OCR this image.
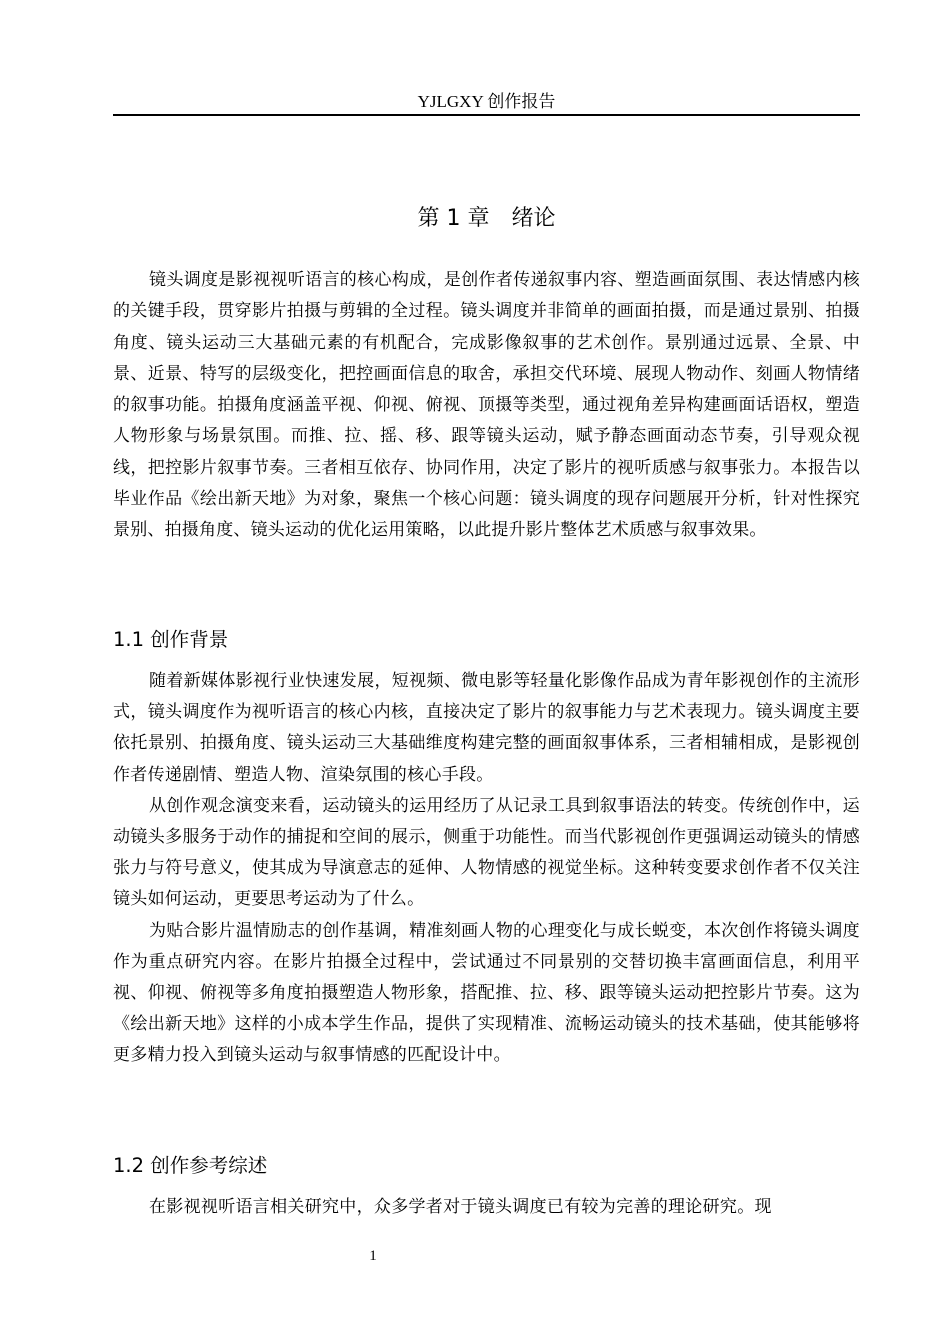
YJLGXY 创作报告
第 1 章 绪论

镜头调度是影视视听语言的核心构成，是创作者传递叙事内容、塑造画面氛围、表达情感内核的关键手段，贯穿影片拍摄与剪辑的全过程。镜头调度并非简单的画面拍摄，而是通过景别、拍摄角度、镜头运动三大基础元素的有机配合，完成影像叙事的艺术创作。景别通过远景、全景、中景、近景、特写的层级变化，把控画面信息的取舍，承担交代环境、展现人物动作、刻画人物情绪的叙事功能。拍摄角度涵盖平视、仰视、俯视、顶摄等类型，通过视角差异构建画面话语权，塑造人物形象与场景氛围。而推、拉、摇、移、跟等镜头运动，赋予静态画面动态节奏，引导观众视线，把控影片叙事节奏。三者相互依存、协同作用，决定了影片的视听质感与叙事张力。本报告以毕业作品《绘出新天地》为对象，聚焦一个核心问题：镜头调度的现存问题展开分析，针对性探究景别、拍摄角度、镜头运动的优化运用策略，以此提升影片整体艺术质感与叙事效果。

1.1 创作背景

随着新媒体影视行业快速发展，短视频、微电影等轻量化影像作品成为青年影视创作的主流形式，镜头调度作为视听语言的核心内核，直接决定了影片的叙事能力与艺术表现力。镜头调度主要依托景别、拍摄角度、镜头运动三大基础维度构建完整的画面叙事体系，三者相辅相成，是影视创作者传递剧情、塑造人物、渲染氛围的核心手段。

从创作观念演变来看，运动镜头的运用经历了从记录工具到叙事语法的转变。传统创作中，运动镜头多服务于动作的捕捉和空间的展示，侧重于功能性。而当代影视创作更强调运动镜头的情感张力与符号意义，使其成为导演意志的延伸、人物情感的视觉坐标。这种转变要求创作者不仅关注镜头如何运动，更要思考运动为了什么。

为贴合影片温情励志的创作基调，精准刻画人物的心理变化与成长蜕变，本次创作将镜头调度作为重点研究内容。在影片拍摄全过程中，尝试通过不同景别的交替切换丰富画面信息，利用平视、仰视、俯视等多角度拍摄塑造人物形象，搭配推、拉、移、跟等镜头运动把控影片节奏。这为《绘出新天地》这样的小成本学生作品，提供了实现精准、流畅运动镜头的技术基础，使其能够将更多精力投入到镜头运动与叙事情感的匹配设计中。

1.2 创作参考综述

在影视视听语言相关研究中，众多学者对于镜头调度已有较为完善的理论研究。现

1
